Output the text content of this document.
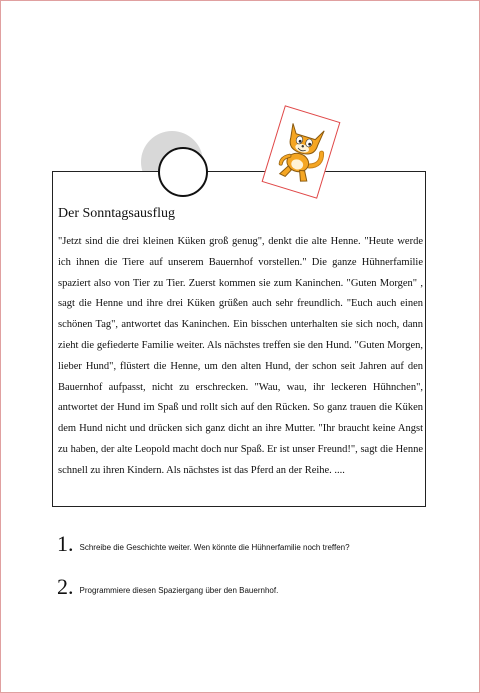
Der Sonntagsausflug

"Jetzt sind die drei kleinen Küken groß genug", denkt die alte Henne. "Heute werde ich ihnen die Tiere auf unserem Bauernhof vorstellen." Die ganze Hühnerfamilie spaziert also von Tier zu Tier. Zuerst kommen sie zum Kaninchen. "Guten Morgen" , sagt die Henne und ihre drei Küken grüßen auch sehr freundlich. "Euch auch einen schönen Tag", antwortet das Kaninchen. Ein bisschen unterhalten sie sich noch, dann zieht die gefiederte Familie weiter. Als nächstes treffen sie den Hund. "Guten Morgen, lieber Hund", flüstert die Henne, um den alten Hund, der schon seit Jahren auf den Bauernhof aufpasst, nicht zu erschrecken. "Wau, wau, ihr leckeren Hühnchen", antwortet der Hund im Spaß und rollt sich auf den Rücken. So ganz trauen die Küken dem Hund nicht und drücken sich ganz dicht an ihre Mutter. "Ihr braucht keine Angst zu haben, der alte Leopold macht doch nur Spaß. Er ist unser Freund!", sagt die Henne schnell zu ihren Kindern. Als nächstes ist das Pferd an der Reihe. ....

1. Schreibe die Geschichte weiter. Wen könnte die Hühnerfamilie noch treffen?
2. Programmiere diesen Spaziergang über den Bauernhof.
